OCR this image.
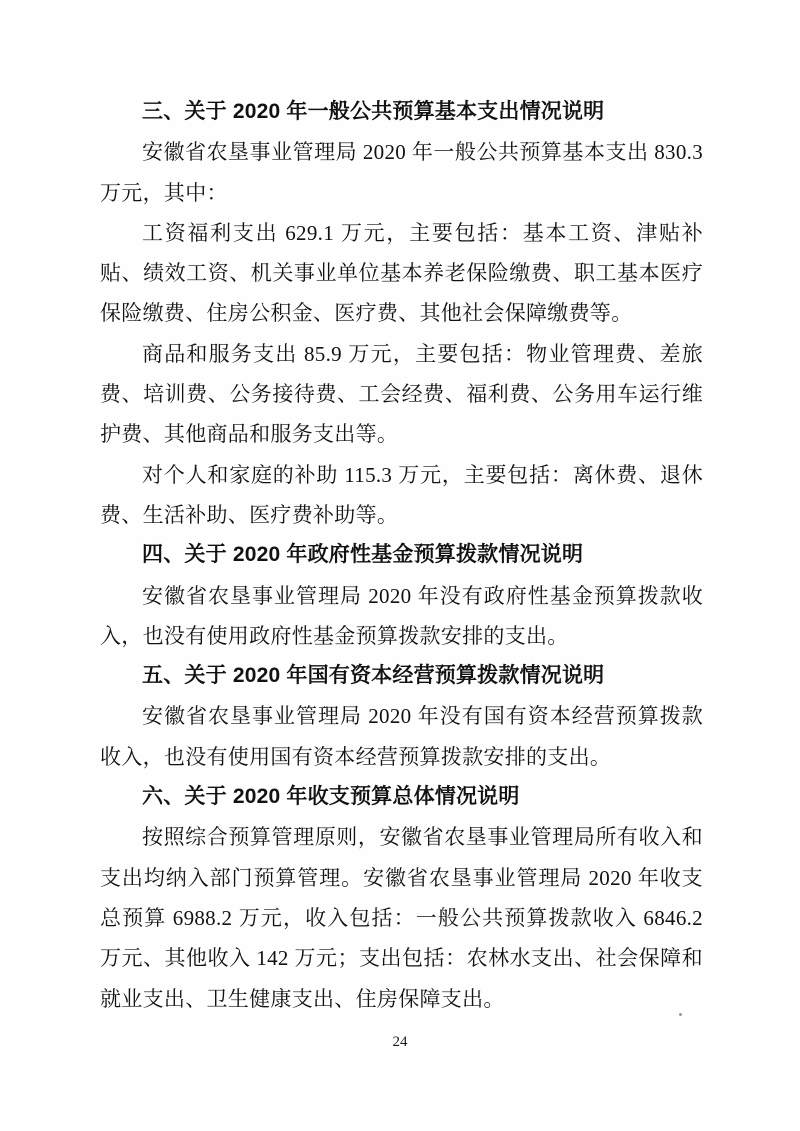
三、关于 2020 年一般公共预算基本支出情况说明

安徽省农垦事业管理局 2020 年一般公共预算基本支出 830.3 万元，其中：

工资福利支出 629.1 万元，主要包括：基本工资、津贴补贴、绩效工资、机关事业单位基本养老保险缴费、职工基本医疗保险缴费、住房公积金、医疗费、其他社会保障缴费等。

商品和服务支出 85.9 万元，主要包括：物业管理费、差旅费、培训费、公务接待费、工会经费、福利费、公务用车运行维护费、其他商品和服务支出等。

对个人和家庭的补助 115.3 万元，主要包括：离休费、退休费、生活补助、医疗费补助等。

四、关于 2020 年政府性基金预算拨款情况说明

安徽省农垦事业管理局 2020 年没有政府性基金预算拨款收入，也没有使用政府性基金预算拨款安排的支出。

五、关于 2020 年国有资本经营预算拨款情况说明

安徽省农垦事业管理局 2020 年没有国有资本经营预算拨款收入，也没有使用国有资本经营预算拨款安排的支出。

六、关于 2020 年收支预算总体情况说明

按照综合预算管理原则，安徽省农垦事业管理局所有收入和支出均纳入部门预算管理。安徽省农垦事业管理局 2020 年收支总预算 6988.2 万元，收入包括：一般公共预算拨款收入 6846.2 万元、其他收入 142 万元；支出包括：农林水支出、社会保障和就业支出、卫生健康支出、住房保障支出。

24
